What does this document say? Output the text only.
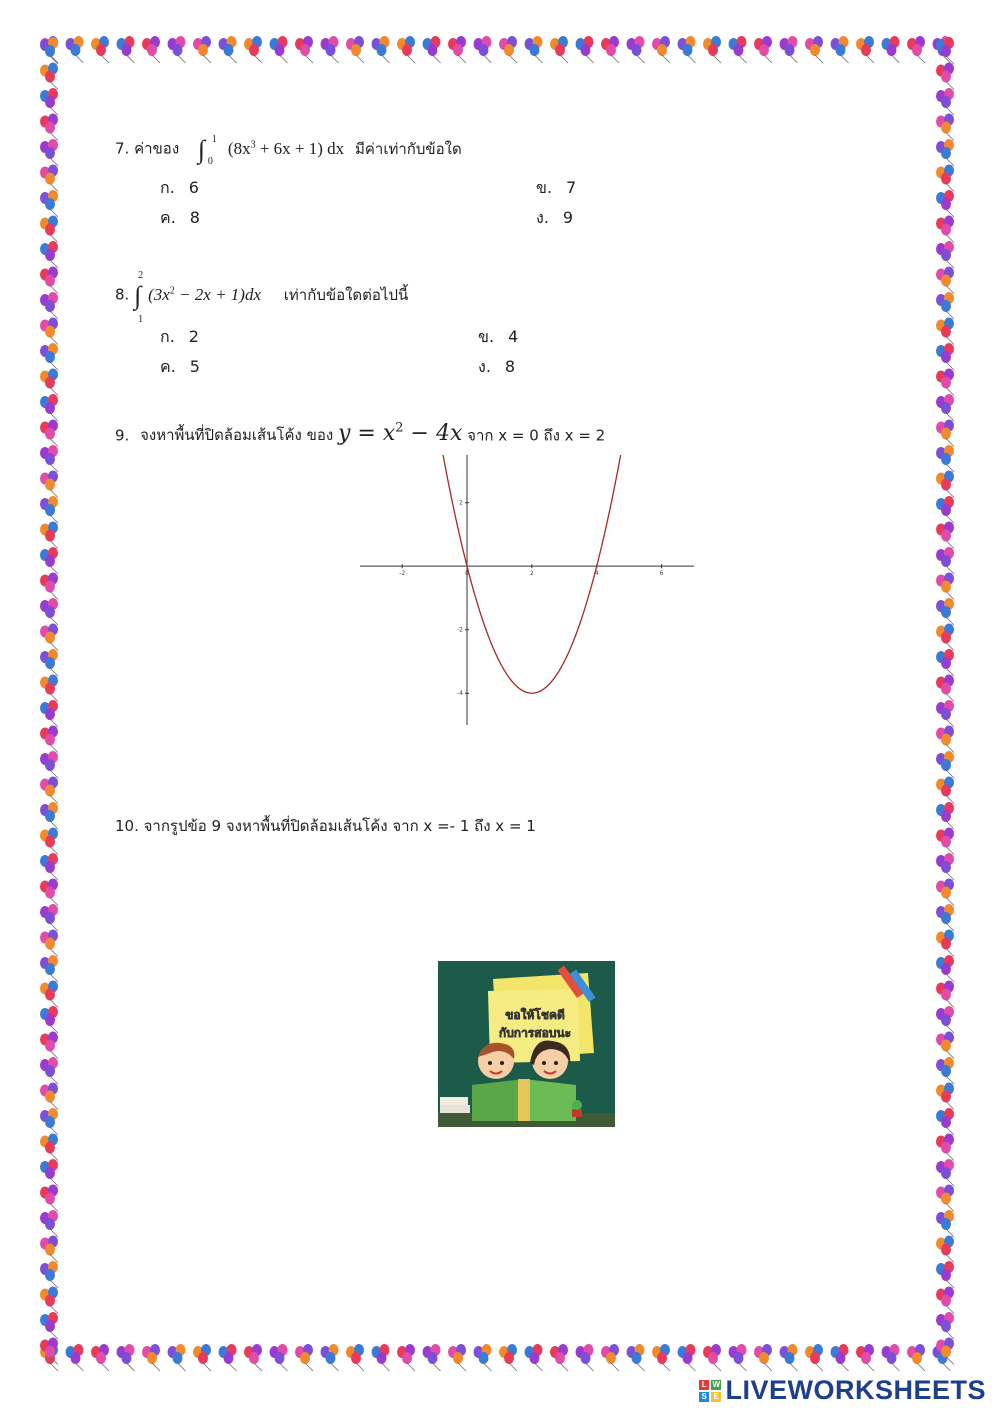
7. ค่าของ ∫ 1
0
$(8x^3 + 6x + 1)$ dx มีค่าเท่ากับข้อใด
ก. 6	ข. 7
ค. 8	ง. 9
8. ∫
2
1
$(3x^2 - 2x + 1)dx$ เท่ากับข้อใดต่อไปนี้
ก. 2	ข. 4
ค. 5	ง. 8
9. จงหาพื้นที่ปิดล้อมเส้นโค้ง ของ $y = x^2 - 4x$ จาก x = 0 ถึง x = 2
-2	0	2	4	6
2
-2
-4
10. จากรูปข้อ 9 จงหาพื้นที่ปิดล้อมเส้นโค้ง จาก x =- 1 ถึง x = 1
ขอให้โชคดี
กับการสอบนะ
L W
S E LIVEWORKSHEETS
